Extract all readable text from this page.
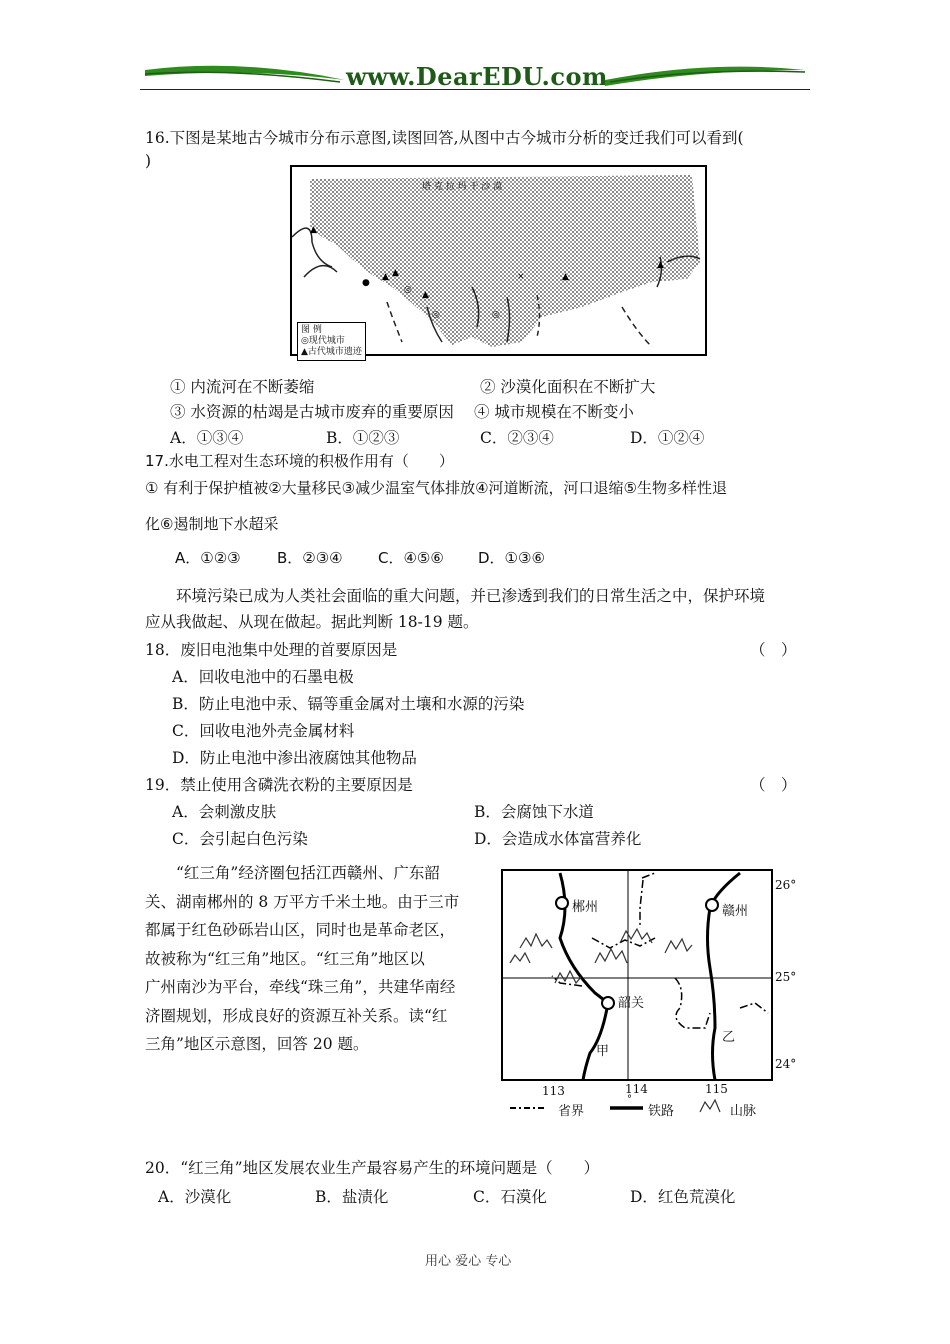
www.DearEDU.com
16.下图是某地古今城市分布示意图,读图回答,从图中古今城市分析的变迁我们可以看到(
)
●
▲
◎ ▲
▲
▲
×	▲
▲
◎
◎
塔 克 拉 玛 干 沙 漠
图 例
◎现代城市
▲古代城市遗迹
① 内流河在不断萎缩	② 沙漠化面积在不断扩大
③ 水资源的枯竭是古城市废弃的重要原因 ④ 城市规模在不断变小
A．①③④	B．①②③	C．②③④	D．①②④
17.水电工程对生态环境的积极作用有（　　）
① 有利于保护植被②大量移民③减少温室气体排放④河道断流，河口退缩⑤生物多样性退
化⑥遏制地下水超采
A．①②③ B．②③④ C．④⑤⑥ D．①③⑥
环境污染已成为人类社会面临的重大问题，并已渗透到我们的日常生活之中，保护环境
应从我做起、从现在做起。据此判断 18-19 题。
18．废旧电池集中处理的首要原因是	（　）
A．回收电池中的石墨电极
B．防止电池中汞、镉等重金属对土壤和水源的污染
C．回收电池外壳金属材料
D．防止电池中渗出液腐蚀其他物品
19．禁止使用含磷洗衣粉的主要原因是	（　）
A．会刺激皮肤	B．会腐蚀下水道
C．会引起白色污染	D．会造成水体富营养化
“红三角”经济圈包括江西赣州、广东韶
关、湖南郴州的 8 万平方千米土地。由于三市
都属于红色砂砾岩山区，同时也是革命老区，
故被称为“红三角”地区。“红三角”地区以
广州南沙为平台，牵线“珠三角”，共建华南经
济圈规划，形成良好的资源互补关系。读“红
三角”地区示意图，回答 20 题。
郴州	赣州
韶关
甲
乙
26°
25°
24°
113	114	115
°
省界	铁路	山脉
20．“红三角”地区发展农业生产最容易产生的环境问题是（　　）
A．沙漠化	B．盐渍化	C．石漠化	D．红色荒漠化
用心 爱心 专心
